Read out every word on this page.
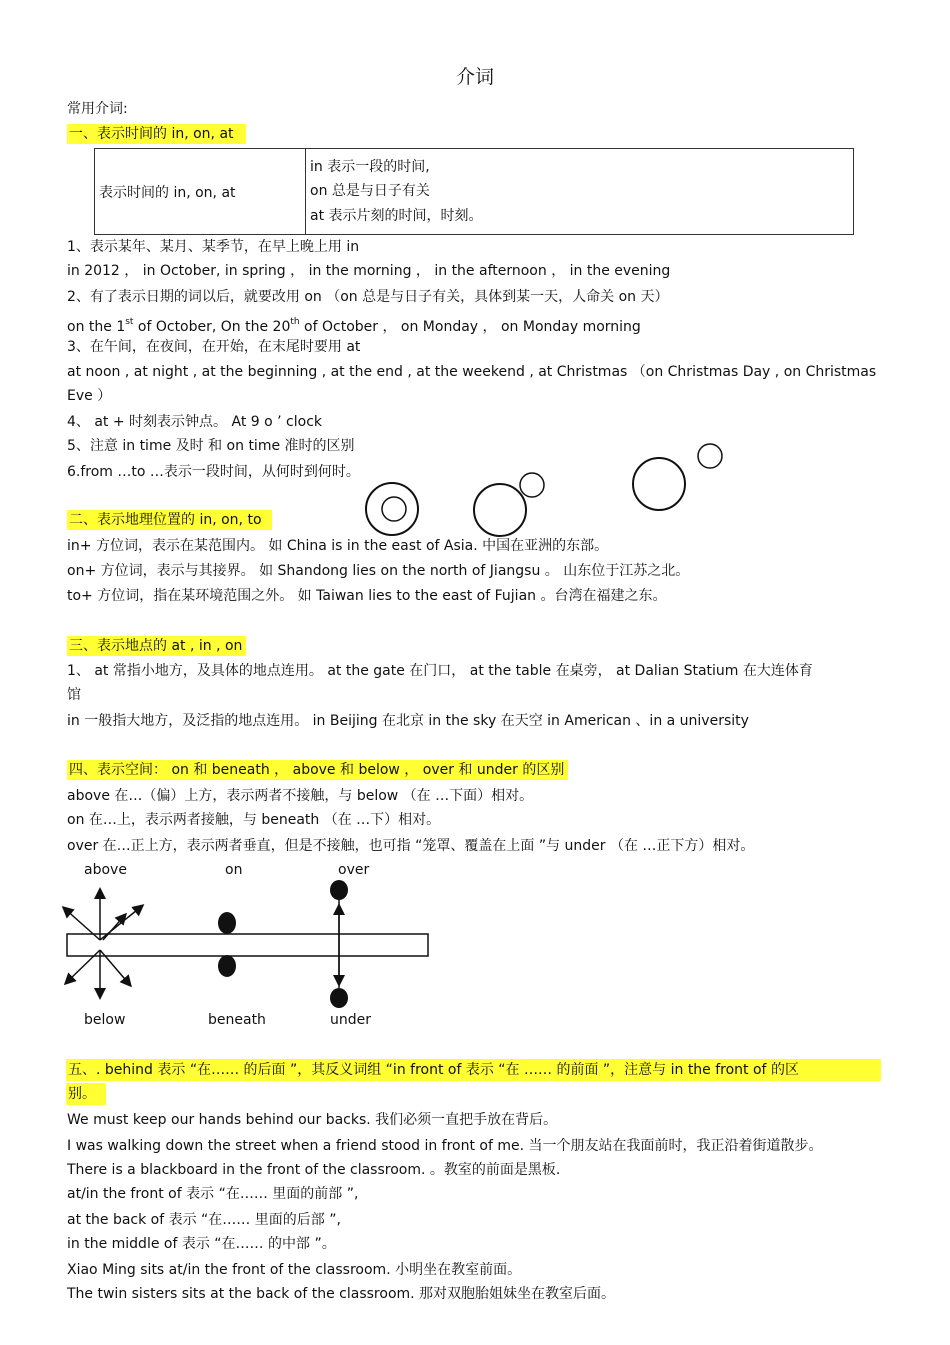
介词
常用介词:
一、表示时间的 in, on, at
表示时间的 in, on, at	
in 表示一段的时间,
on 总是与日子有关
at 表示片刻的时间，时刻。
1、表示某年、某月、某季节，在早上晚上用 in
in 2012 ， in October, in spring ， in the morning ， in the afternoon ， in the evening
2、有了表示日期的词以后，就要改用 on （on 总是与日子有关，具体到某一天，人命关 on 天）
on the 1st of October, On the 20th of October ， on Monday ， on Monday morning
3、在午间，在夜间，在开始，在末尾时要用 at
at noon , at night , at the beginning , at the end , at the weekend , at Christmas （on Christmas Day , on Christmas
Eve ）
4、 at + 时刻表示钟点。 At 9 o ’ clock
5、注意 in time 及时 和 on time 准时的区别
6.from …to …表示一段时间，从何时到何时。
二、表示地理位置的 in, on, to
in+ 方位词，表示在某范围内。 如 China is in the east of Asia. 中国在亚洲的东部。
on+ 方位词，表示与其接界。 如 Shandong lies on the north of Jiangsu 。 山东位于江苏之北。
to+ 方位词，指在某环境范围之外。 如 Taiwan lies to the east of Fujian 。台湾在福建之东。
三、表示地点的 at , in , on
1、 at 常指小地方，及具体的地点连用。 at the gate 在门口， at the table 在桌旁， at Dalian Statium 在大连体育
馆
in 一般指大地方，及泛指的地点连用。 in Beijing 在北京 in the sky 在天空 in American 、in a university
四、表示空间： on 和 beneath ， above 和 below ， over 和 under 的区别
above 在…（偏）上方，表示两者不接触，与 below （在 …下面）相对。
on 在…上，表示两者接触，与 beneath （在 …下）相对。
over 在…正上方，表示两者垂直，但是不接触，也可指 “笼罩、覆盖在上面 ”与 under （在 …正下方）相对。
above	on	over
below	beneath	under
五、. behind 表示 “在…… 的后面 ”，其反义词组 “in front of 表示 “在 …… 的前面 ”，注意与 in the front of 的区
别。
We must keep our hands behind our backs. 我们必须一直把手放在背后。
I was walking down the street when a friend stood in front of me. 当一个朋友站在我面前时，我正沿着街道散步。
There is a blackboard in the front of the classroom. 。教室的前面是黑板.
at/in the front of 表示 “在…… 里面的前部 ”,
at the back of 表示 “在…… 里面的后部 ”,
in the middle of 表示 “在…… 的中部 ”。
Xiao Ming sits at/in the front of the classroom. 小明坐在教室前面。
The twin sisters sits at the back of the classroom. 那对双胞胎姐妹坐在教室后面。
